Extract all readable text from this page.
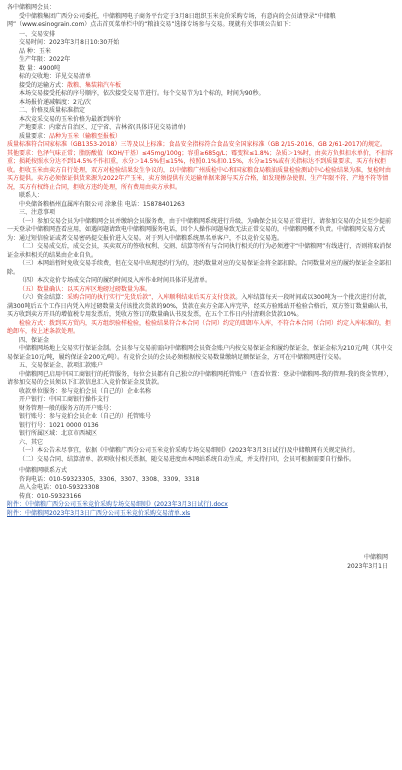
各中储粮网会员：

受中储粮集团广西分公司委托，中储粮网电子商务平台定于3月8日组织玉米竞价采购专场，有意向的会员请登录“中储粮网”（www.esinograin.com）点击首页菜单栏中的“粮油交易”选择专场参与交易。现就有关事项公告如下：

一、交易安排

交易时间：2023年3月8日10:30开始

品 种：玉米

生产年限：2022年

数 量：4900吨

标的交收地：详见交易清单

接受的运输方式：散粮、集装箱汽车板

本场交易接受托标的序号顺序，依次接受交易节进行。每个交易节为1个标的，时间为90秒。

本场报价递减幅度：2元/次

二、价格及质量标准指定

本次竞采交易的玉米价格为最新到库价

产地要求：内蒙古自治区、辽宁省、吉林省(具体详见交易清单)

质量要求：品种为玉米（输粮至报板）

质量标准符合国家标准（GB1353-2018）三等及以上标准；食品安全指标符合食品安全国家标准（GB 2/15-2016、GB 2/61-2017)的规定。

其他要求：色泽气味正常；脂肪酸值（KOH/干基）≤45mg/100g；容重≥685g/L；霉变粒≤1.8%；杂质＞1%时，由卖方负担扣水单价，不扣容重；损耗按照水分达不到14.5%不作扣重，水分＞14.5%但≤15%，按照0.1%扣0.15%，水分≥15%或有关指标达不到质量要求，买方有权拒收。拒收玉米由卖方自行处理，双方对检验结果发生争议的，以中储粮广州质检中心和国家粮食局粮油质量检验测试中心检验结果为准，复检时由买方提供。卖方必须保证供货来源为2022年产玉米，卖方须提供有关运输单据来源与买方合格，如发现掺杂使假、生产年限不符、产地不符等情况，买方有权终止合同，拒收方违约处理，所有费用由卖方承担。

联系人：

中央储备粮梧州直属库有限公司 涂象佳 电话：15878401263

三、注意事项

（一）参加交易会员为中储粮网会员并缴纳会员服务费，由于中储粮网系统进行升级，为确保会员交易正常进行，请参加交易的会员至少提前一天登录中储粮网查看应用，如遇问题请致电中储粮网服务电话，因个人操作问题导致无法正常交易的，中储粮网概不负责。中储粮网交易方式为：通过短信验证或者交易密码提交报价进入交易。对于列入中储粮系统黑名单客户，不以竞价交易选。

（二）交易成交后，成交会员，买卖双方的签收权利、交割、结算等所有与合同执行相关的行为必须遵守“中储粮网”有线进行，否则将取消保证金承担相关的结果由企业自负。

（三）本网站暂时免收交易手续费，但在交易中出现违约行为的，违约数量对应的交易保证金将全部扣除。合同数量对应的履约保证金全部扣除。

（四）本次竞价专场成交合同的履约时间及入库作业时间具体详见清单。

（五）数量确认：以买方库区地磅过磅数量为准。

（六）资金结算：采购合同的执行实行“先货后款”，入库顺利结束后买方支付货款。入库结算每天一段时间或以300吨为一个批次进行付款，满300吨后五个工作日内凭入库过磅数量支付该批次货款的90%，货款在卖方全部入库完毕，经买方验账站开检验合格后，双方签订数量确认书，买方收到卖方开具的增值税专用发票后，凭收方签订的数量确认书及发票，在五个工作日内付清剩余货款10%。

检验方式：拨到买方贸内，买方组织验样检验，检验结果符合本合同（合同）约定的即卸车入库，不符合本合同（合同）约定入库标准的，拒绝卸车，按上述条款处理。

四、保证金

中储粮网场地上交易实行保证金制。会员参与交易前需向中储粮网会员资金账户内按交易保证金和履约保证金，保证金标为210元/吨（其中交易保证金10元/吨，履约保证金200元/吨）。有竞价会员的会员必须根据按交易数量缴纳足额保证金，方可在中储粮网进行交易。

五、交易保证金、款项汇款账户

中储粮网已启用中国工商银行的托管服务，每位会员都有自己独立的中储粮网托管账户（查看位置：登录中储粮网-我的管理-我的资金管理），请参加交易的会员须以下汇款信息汇入竞价保证金及货款。

收款单位服务：参与竞拍会员（自己的）企业名称

开户银行：中国工商银行操作支行

财务管理一般的服务方的开户账号：

银行账号：参与竞拍会员企业（自己的）托管账号

银行行号：1021 0000 0136

银行所属区域：北京市西城区

六、其它

（一）本公告未尽事宜，依据《中储粮广西分公司玉米竞价采购专场交易细则》(2023年3月3日试行)及中储粮网有关规定执行。

（二）交易合同、结算清单、款项收付相关票据，随交易进度由本网站系统自动生成，并支持打印，会员可根据需要自行操作。

中储粮网联系方式

咨询电话：010-59323305、3306、3307、3308、3309、3318

出入金电话：010-59323308

传真：010-59323166

附件：《中储粮广西分公司玉米竞价采购专场交易细则》(2023年3月3日试行).docx

附件：中储粮网2023年3月3日广西分公司玉米竞价采购交易清单.xls

中储粮网

2023年3月1日
